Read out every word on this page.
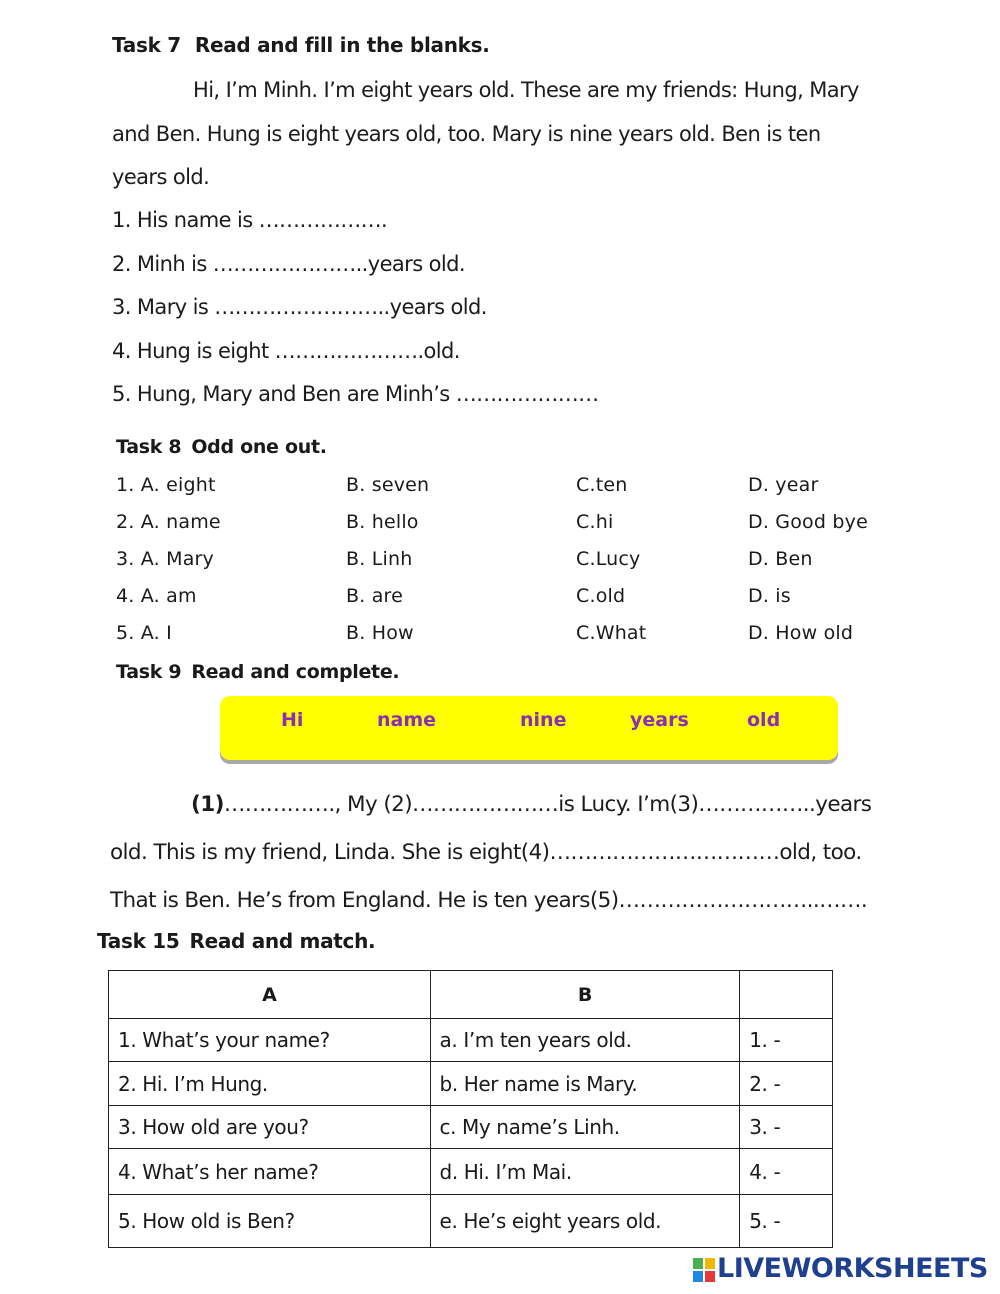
Task 7 Read and fill in the blanks.
Hi, I’m Minh. I’m eight years old. These are my friends: Hung, Mary
and Ben. Hung is eight years old, too. Mary is nine years old. Ben is ten
years old.
1. His name is ……………….
2. Minh is …………………..years old.
3. Mary is ……………………..years old.
4. Hung is eight ………………….old.
5. Hung, Mary and Ben are Minh’s …………………
Task 8 Odd one out.
1. A. eight	B. seven	C.ten	D. year
2. A. name	B. hello	C.hi	D. Good bye
3. A. Mary	B. Linh	C.Lucy	D. Ben
4. A. am	B. are	C.old	D. is
5. A. I	B. How	C.What	D. How old
Task 9 Read and complete.
Hi	name	nine	years	old
(1)……………., My (2)…………………is Lucy. I’m(3)……………..years
old. This is my friend, Linda. She is eight(4)……………………………old, too.
That is Ben. He’s from England. He is ten years(5)………………………..…….
Task 15 Read and match.
A	B	
1. What’s your name?	a. I’m ten years old.	1. -
2. Hi. I’m Hung.	b. Her name is Mary.	2. -
3. How old are you?	c. My name’s Linh.	3. -
4. What’s her name?	d. Hi. I’m Mai.	4. -
5. How old is Ben?	e. He’s eight years old.	5. -
LIVEWORKSHEETS
